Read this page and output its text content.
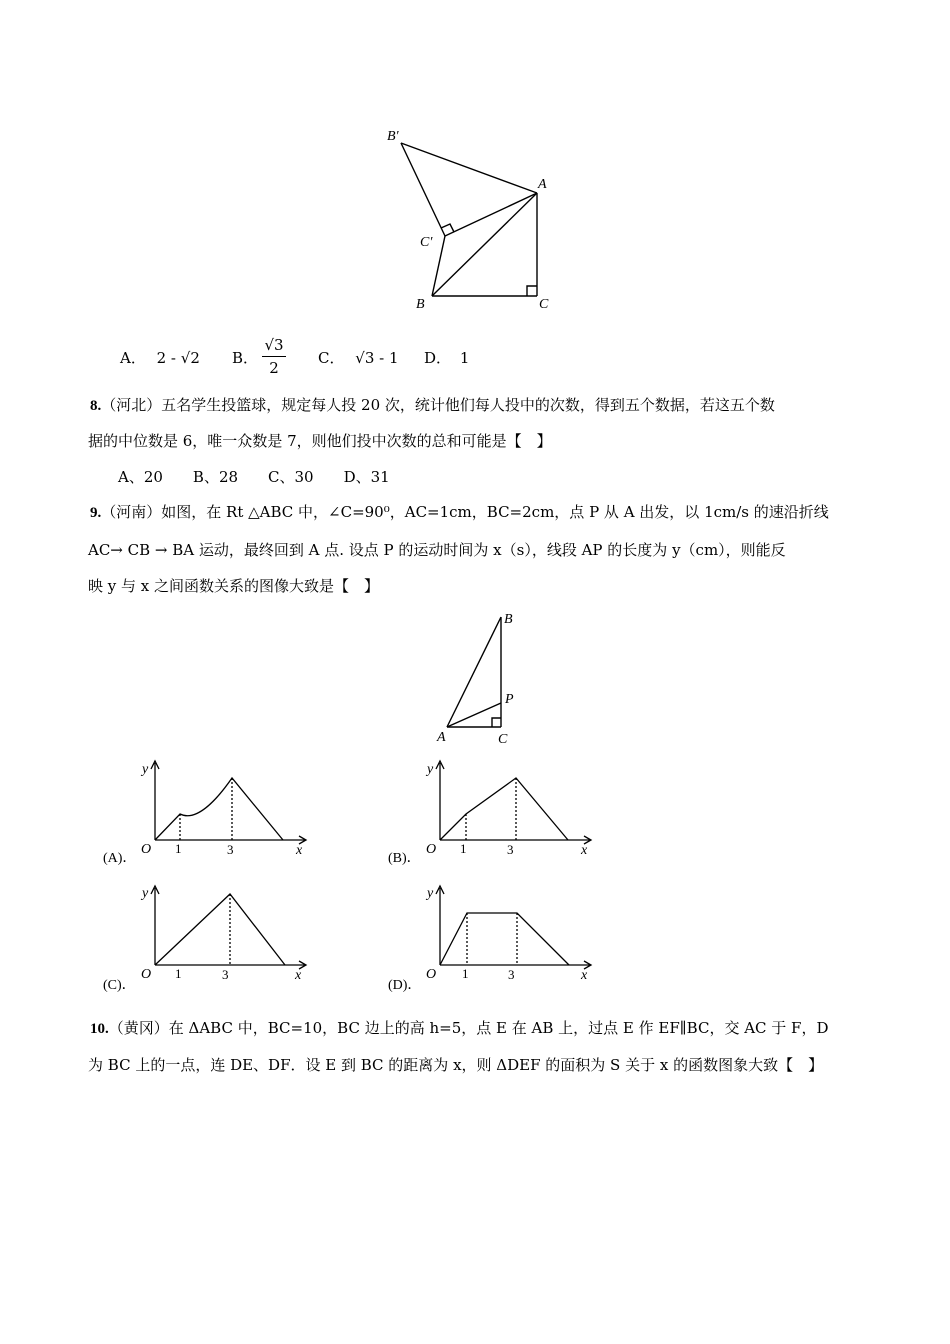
B′
A
C′
B	C
A． 2 - √2 B．
√3
2
C． √3 - 1 D． 1
8.（河北）五名学生投篮球，规定每人投 20 次，统计他们每人投中的次数，得到五个数据，若这五个数
据的中位数是 6，唯一众数是 7，则他们投中次数的总和可能是【　】
A、20　　B、28　　C、30　　D、31
9.（河南）如图，在 Rt △ABC 中，∠C=90⁰，AC=1cm，BC=2cm，点 P 从 A 出发，以 1cm/s 的速沿折线
AC→ CB → BA 运动，最终回到 A 点. 设点 P 的运动时间为 x（s），线段 AP 的长度为 y（cm），则能反
映 y 与 x 之间函数关系的图像大致是【　】
B
P
A	C
y
O 1	3	x
(A)．
y
O 1	3	x
(B)．
y
O 1	3	x
(C)．
y
O 1	3	x
(D)．
10.（黄冈）在 ΔABC 中，BC=10，BC 边上的高 h=5，点 E 在 AB 上，过点 E 作 EF∥BC，交 AC 于 F，D
为 BC 上的一点，连 DE、DF．设 E 到 BC 的距离为 x，则 ΔDEF 的面积为 S 关于 x 的函数图象大致【　】
